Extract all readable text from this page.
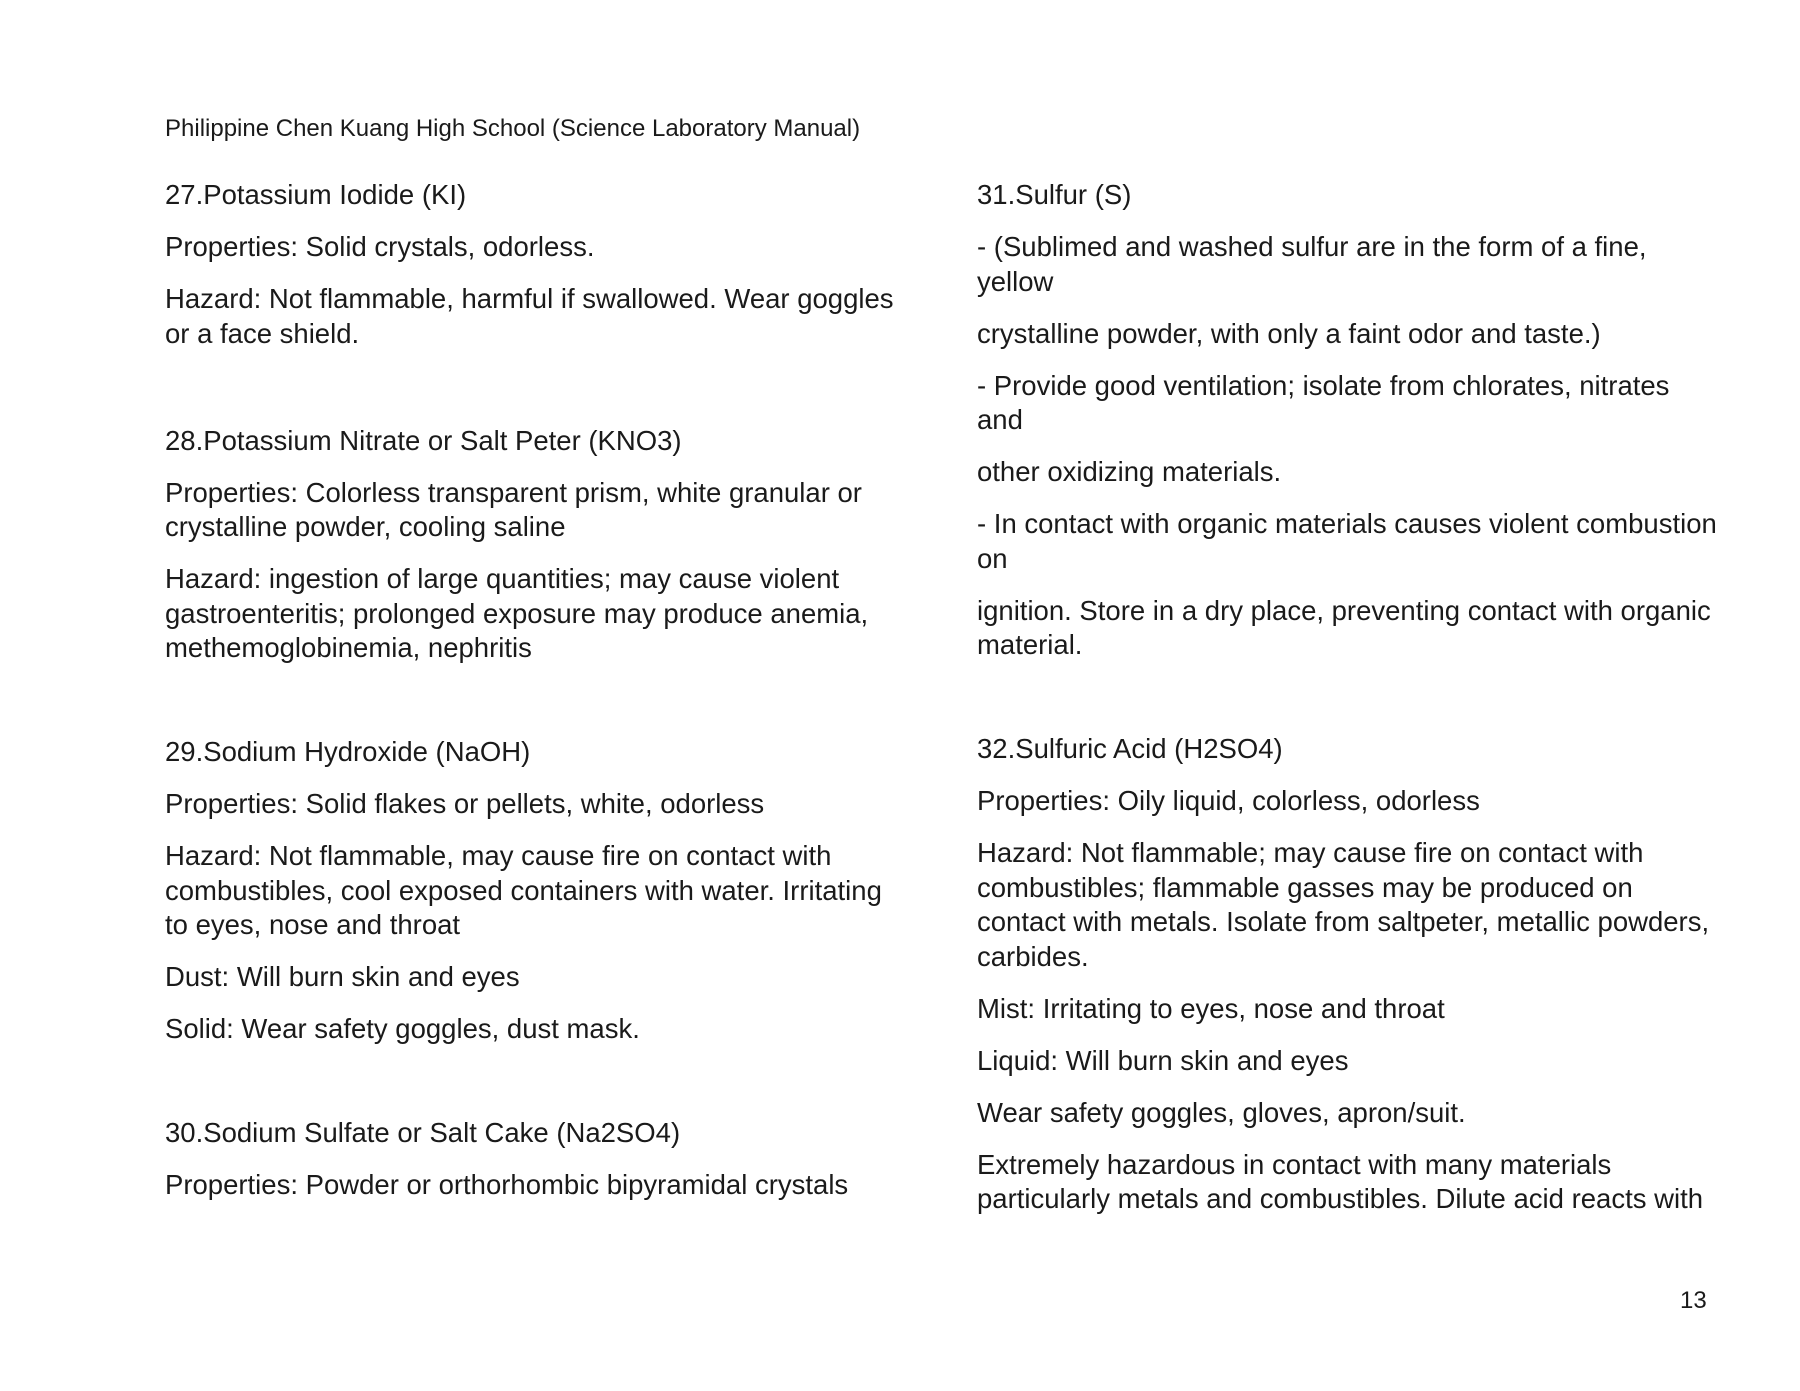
Philippine Chen Kuang High School (Science Laboratory Manual)

27.Potassium Iodide (KI)

Properties: Solid crystals, odorless.

Hazard: Not flammable, harmful if swallowed. Wear goggles or a face shield.

28.Potassium Nitrate or Salt Peter (KNO3)

Properties: Colorless transparent prism, white granular or crystalline powder, cooling saline

Hazard: ingestion of large quantities; may cause violent gastroenteritis; prolonged exposure may produce anemia, methemoglobinemia, nephritis

29.Sodium Hydroxide (NaOH)

Properties: Solid flakes or pellets, white, odorless

Hazard: Not flammable, may cause fire on contact with combustibles, cool exposed containers with water. Irritating to eyes, nose and throat

Dust: Will burn skin and eyes

Solid: Wear safety goggles, dust mask.

30.Sodium Sulfate or Salt Cake (Na2SO4)

Properties: Powder or orthorhombic bipyramidal crystals

31.Sulfur (S)

- (Sublimed and washed sulfur are in the form of a fine, yellow

crystalline powder, with only a faint odor and taste.)

- Provide good ventilation; isolate from chlorates, nitrates and

other oxidizing materials.

- In contact with organic materials causes violent combustion on

ignition. Store in a dry place, preventing contact with organic material.

32.Sulfuric Acid (H2SO4)

Properties: Oily liquid, colorless, odorless

Hazard: Not flammable; may cause fire on contact with combustibles; flammable gasses may be produced on contact with metals. Isolate from saltpeter, metallic powders, carbides.

Mist: Irritating to eyes, nose and throat

Liquid: Will burn skin and eyes

Wear safety goggles, gloves, apron/suit.

Extremely hazardous in contact with many materials particularly metals and combustibles. Dilute acid reacts with

13
